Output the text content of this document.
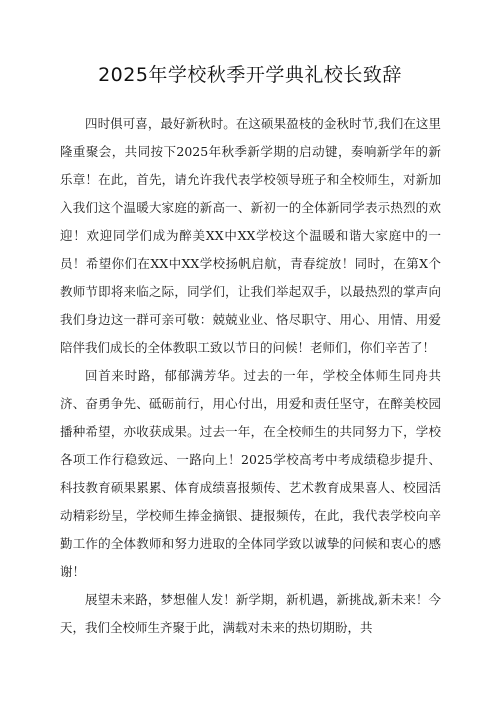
2025年学校秋季开学典礼校长致辞

四时俱可喜，最好新秋时。在这硕果盈枝的金秋时节,我们在这里隆重聚会，共同按下2025年秋季新学期的启动键，奏响新学年的新乐章！在此，首先，请允许我代表学校领导班子和全校师生，对新加入我们这个温暖大家庭的新高一、新初一的全体新同学表示热烈的欢迎！欢迎同学们成为醉美XX中XX学校这个温暖和谐大家庭中的一员！希望你们在XX中XX学校扬帆启航，青春绽放！同时，在第X个教师节即将来临之际，同学们，让我们举起双手，以最热烈的掌声向我们身边这一群可亲可敬：兢兢业业、恪尽职守、用心、用情、用爱陪伴我们成长的全体教职工致以节日的问候！老师们，你们辛苦了！

回首来时路，郁郁满芳华。过去的一年，学校全体师生同舟共济、奋勇争先、砥砺前行，用心付出，用爱和责任坚守，在醉美校园播种希望，亦收获成果。过去一年，在全校师生的共同努力下，学校各项工作行稳致远、一路向上！2025学校高考中考成绩稳步提升、科技教育硕果累累、体育成绩喜报频传、艺术教育成果喜人、校园活动精彩纷呈，学校师生捧金摘银、捷报频传，在此，我代表学校向辛勤工作的全体教师和努力进取的全体同学致以诚挚的问候和衷心的感谢！

展望未来路，梦想催人发！新学期，新机遇，新挑战,新未来！今天，我们全校师生齐聚于此，满载对未来的热切期盼，共
